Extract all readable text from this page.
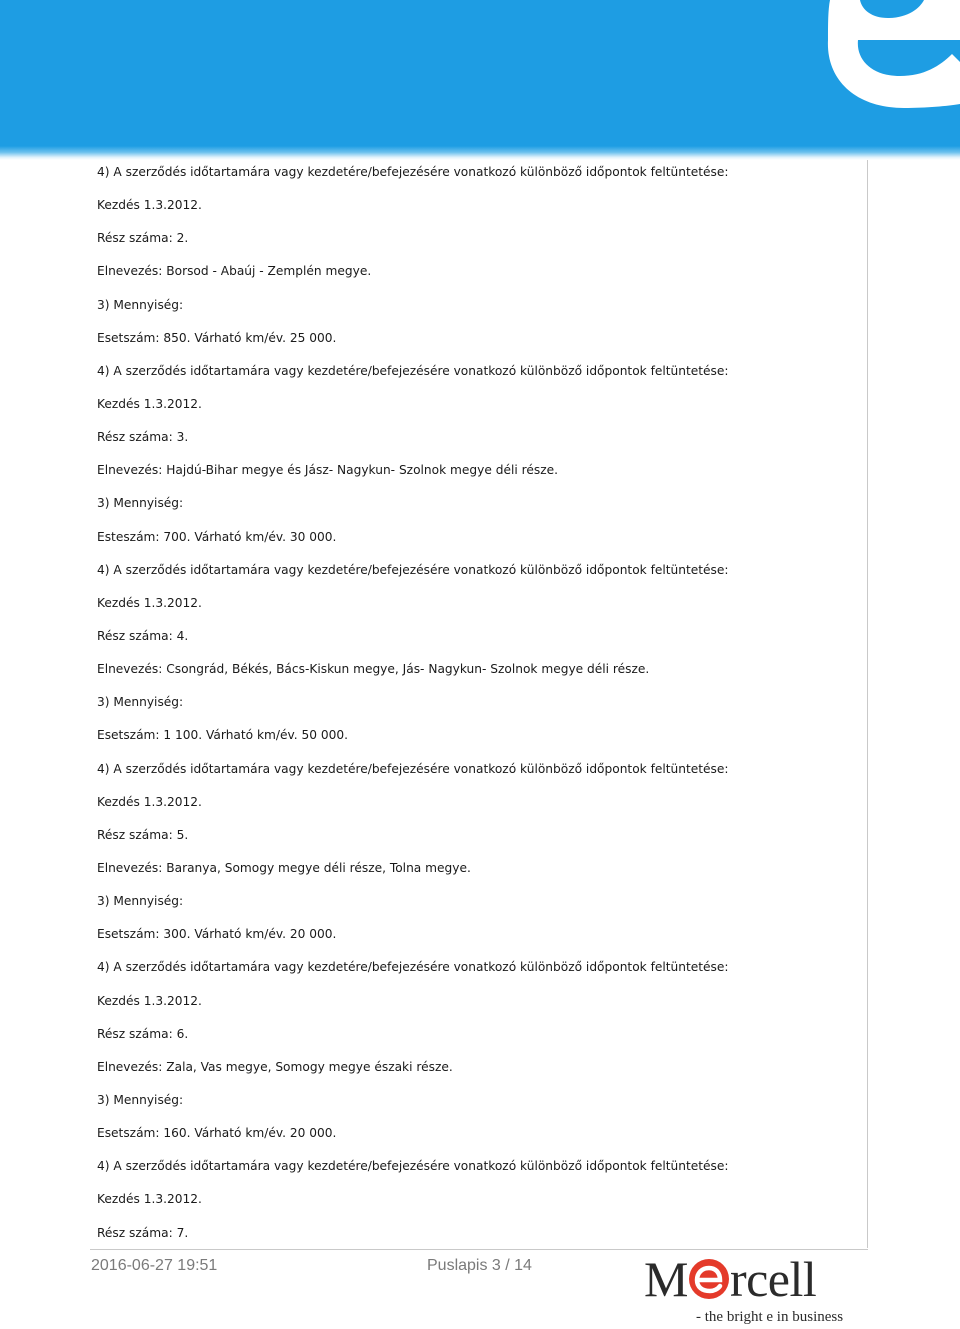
4) A szerződés időtartamára vagy kezdetére/befejezésére vonatkozó különböző időpontok feltüntetése:
Kezdés 1.3.2012.
Rész száma: 2.
Elnevezés: Borsod - Abaúj - Zemplén megye.
3) Mennyiség:
Esetszám: 850. Várható km/év. 25 000.
4) A szerződés időtartamára vagy kezdetére/befejezésére vonatkozó különböző időpontok feltüntetése:
Kezdés 1.3.2012.
Rész száma: 3.
Elnevezés: Hajdú-Bihar megye és Jász- Nagykun- Szolnok megye déli része.
3) Mennyiség:
Esteszám: 700. Várható km/év. 30 000.
4) A szerződés időtartamára vagy kezdetére/befejezésére vonatkozó különböző időpontok feltüntetése:
Kezdés 1.3.2012.
Rész száma: 4.
Elnevezés: Csongrád, Békés, Bács-Kiskun megye, Jás- Nagykun- Szolnok megye déli része.
3) Mennyiség:
Esetszám: 1 100. Várható km/év. 50 000.
4) A szerződés időtartamára vagy kezdetére/befejezésére vonatkozó különböző időpontok feltüntetése:
Kezdés 1.3.2012.
Rész száma: 5.
Elnevezés: Baranya, Somogy megye déli része, Tolna megye.
3) Mennyiség:
Esetszám: 300. Várható km/év. 20 000.
4) A szerződés időtartamára vagy kezdetére/befejezésére vonatkozó különböző időpontok feltüntetése:
Kezdés 1.3.2012.
Rész száma: 6.
Elnevezés: Zala, Vas megye, Somogy megye északi része.
3) Mennyiség:
Esetszám: 160. Várható km/év. 20 000.
4) A szerződés időtartamára vagy kezdetére/befejezésére vonatkozó különböző időpontok feltüntetése:
Kezdés 1.3.2012.
Rész száma: 7.
2016-06-27 19:51	Puslapis 3 / 14 M rcell
- the bright e in business
